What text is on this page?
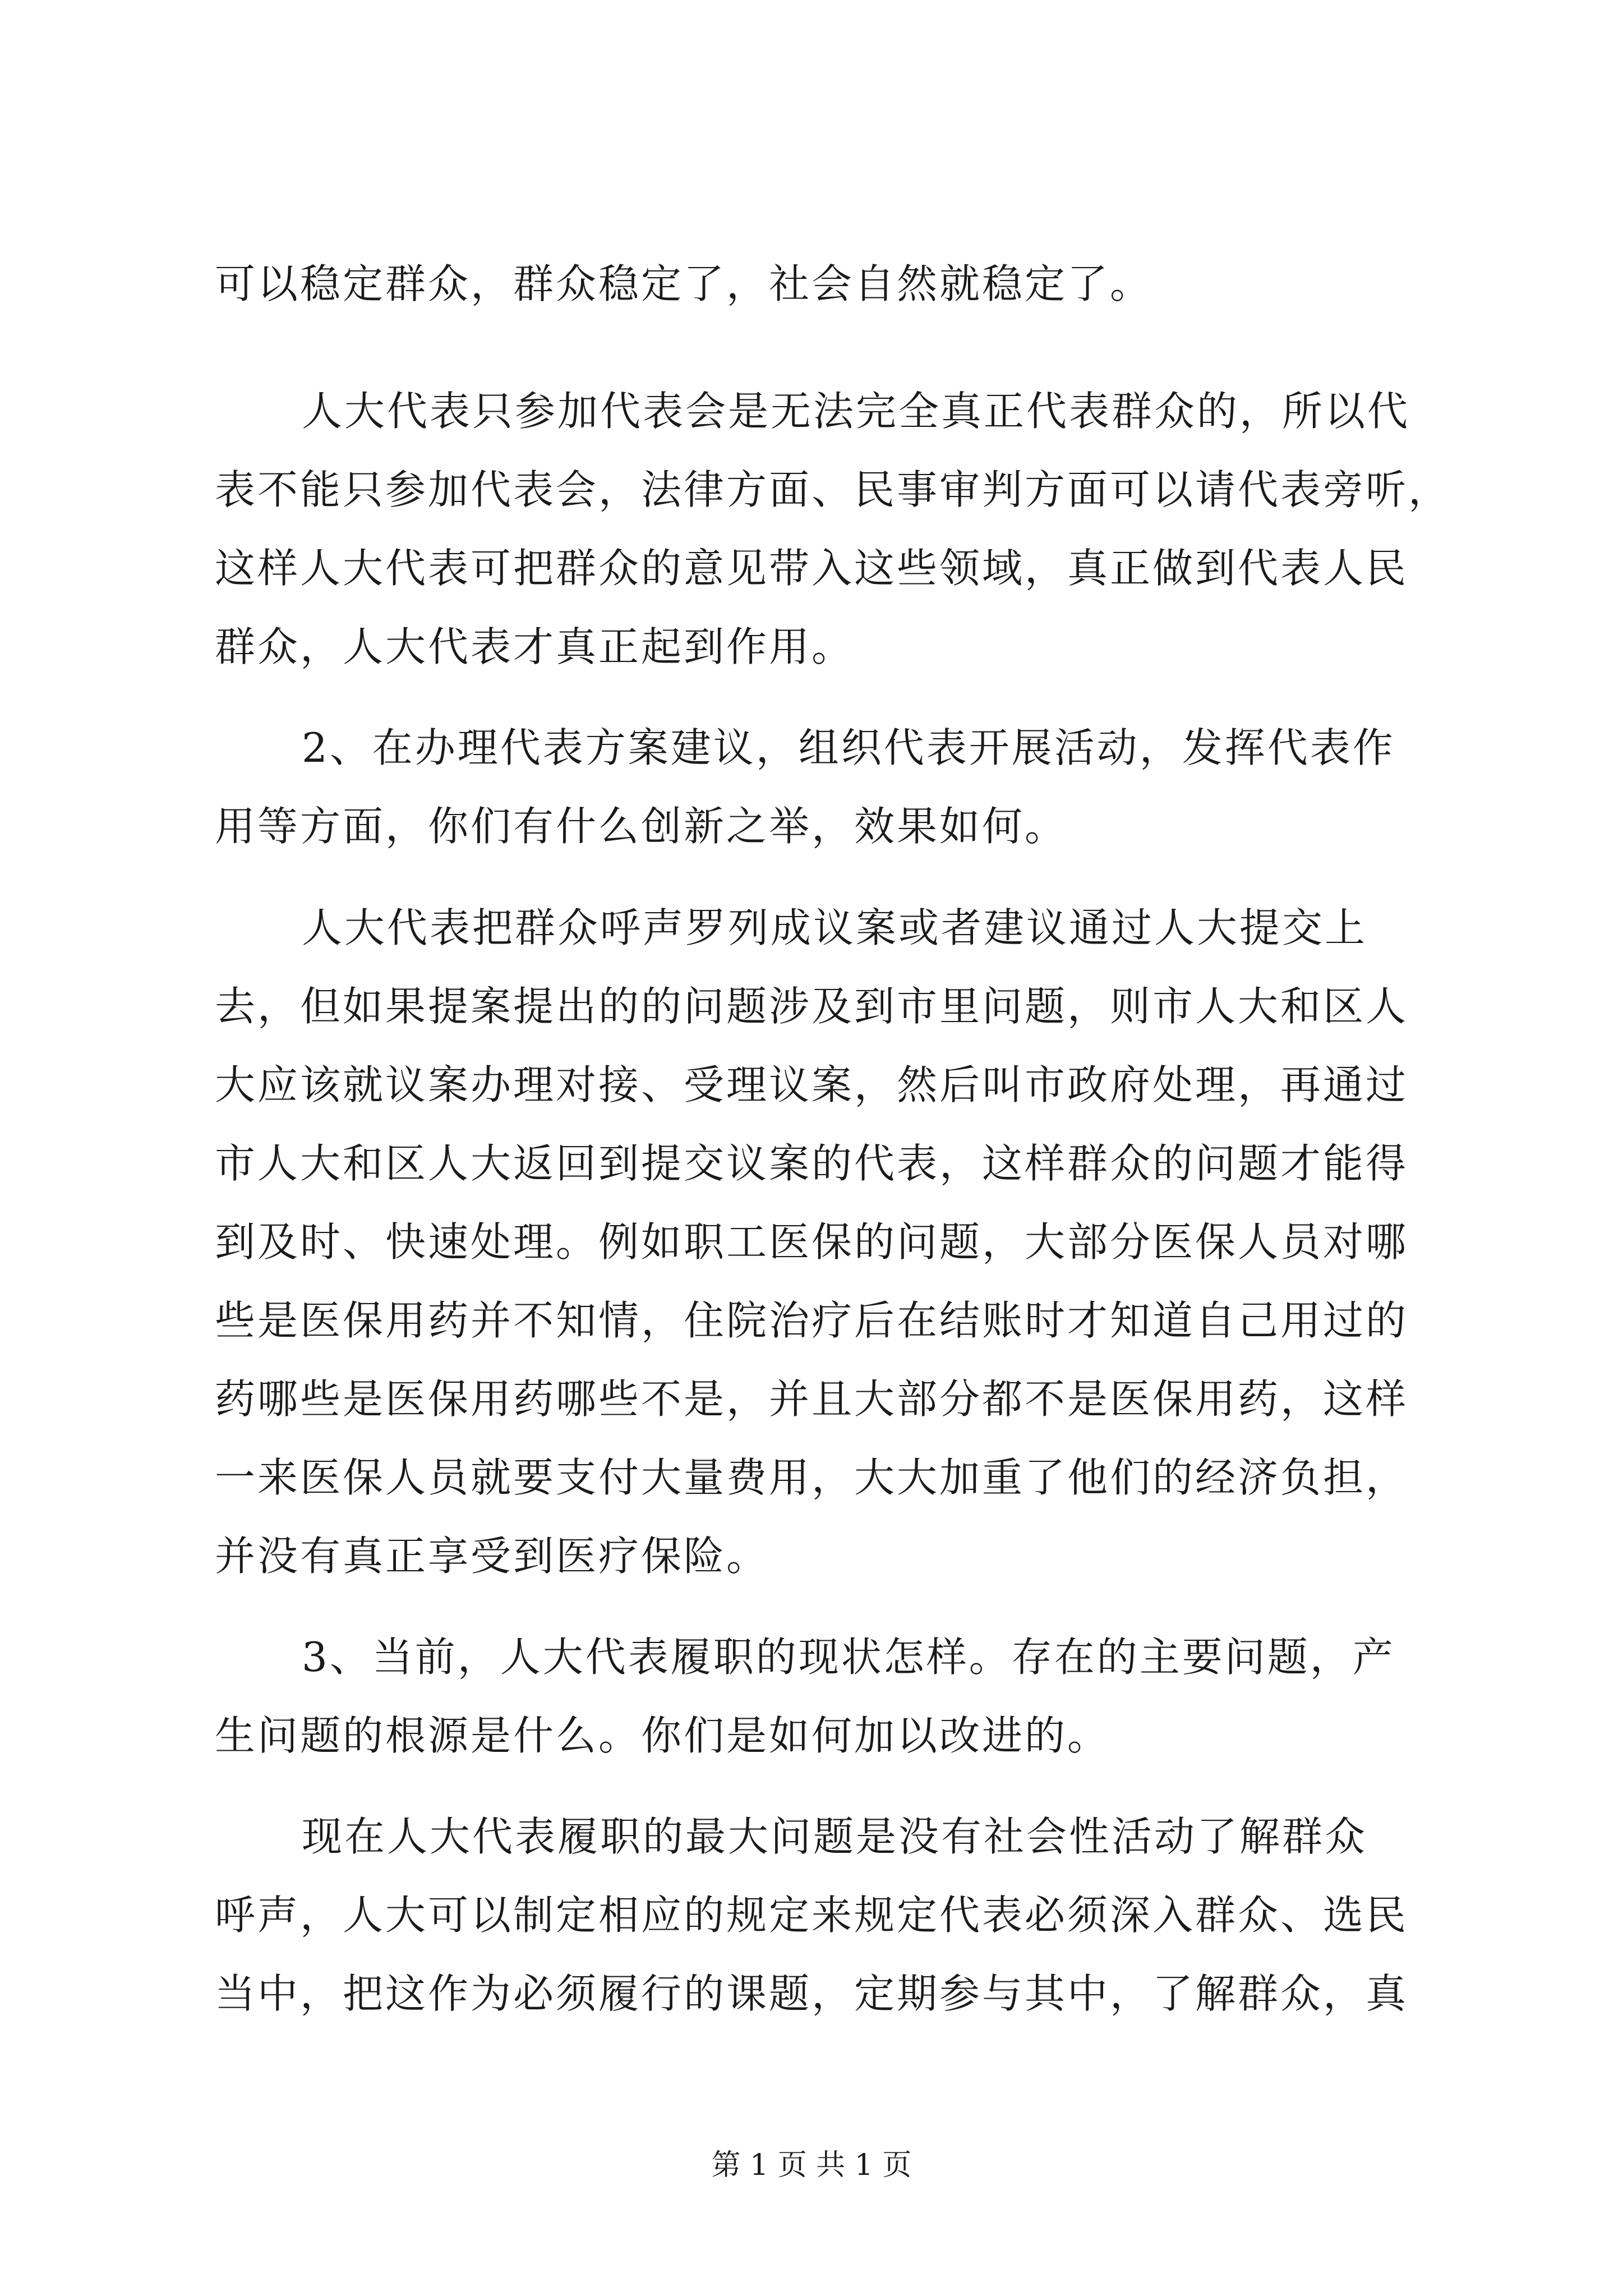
可以稳定群众，群众稳定了，社会自然就稳定了。
人大代表只参加代表会是无法完全真正代表群众的，所以代
表不能只参加代表会，法律方面、民事审判方面可以请代表旁听，
这样人大代表可把群众的意见带入这些领域，真正做到代表人民
群众，人大代表才真正起到作用。
2、在办理代表方案建议，组织代表开展活动，发挥代表作
用等方面，你们有什么创新之举，效果如何。
人大代表把群众呼声罗列成议案或者建议通过人大提交上
去，但如果提案提出的的问题涉及到市里问题，则市人大和区人
大应该就议案办理对接、受理议案，然后叫市政府处理，再通过
市人大和区人大返回到提交议案的代表，这样群众的问题才能得
到及时、快速处理。例如职工医保的问题，大部分医保人员对哪
些是医保用药并不知情，住院治疗后在结账时才知道自己用过的
药哪些是医保用药哪些不是，并且大部分都不是医保用药，这样
一来医保人员就要支付大量费用，大大加重了他们的经济负担，
并没有真正享受到医疗保险。
3、当前，人大代表履职的现状怎样。存在的主要问题，产
生问题的根源是什么。你们是如何加以改进的。
现在人大代表履职的最大问题是没有社会性活动了解群众
呼声，人大可以制定相应的规定来规定代表必须深入群众、选民
当中，把这作为必须履行的课题，定期参与其中，了解群众，真
第 1 页 共 1 页
